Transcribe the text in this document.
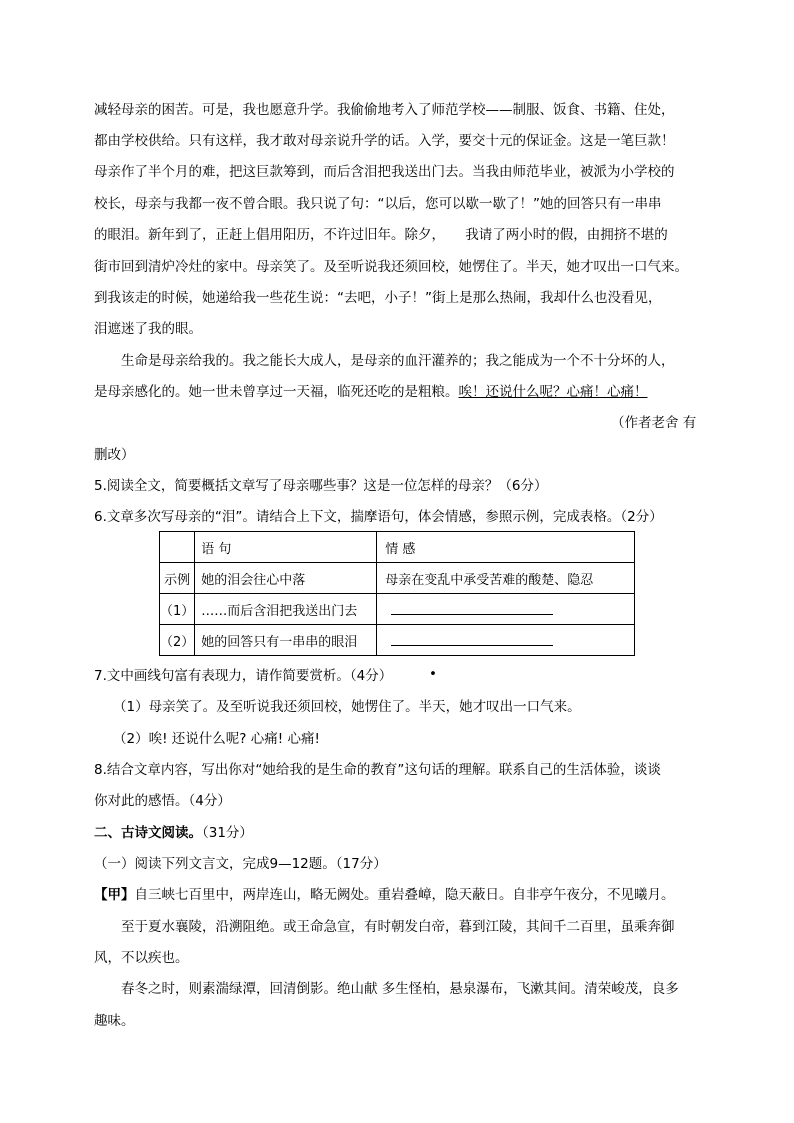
减轻母亲的困苦。可是，我也愿意升学。我偷偷地考入了师范学校——制服、饭食、书籍、住处，
都由学校供给。只有这样，我才敢对母亲说升学的话。入学，要交十元的保证金。这是一笔巨款！
母亲作了半个月的难，把这巨款筹到，而后含泪把我送出门去。当我由师范毕业，被派为小学校的
校长，母亲与我都一夜不曾合眼。我只说了句：“以后，您可以歇一歇了！”她的回答只有一串串
的眼泪。新年到了，正赶上倡用阳历，不许过旧年。除夕，　　我请了两小时的假，由拥挤不堪的
街市回到清炉冷灶的家中。母亲笑了。及至听说我还须回校，她愣住了。半天，她才叹出一口气来。
到我该走的时候，她递给我一些花生说：“去吧，小子！”街上是那么热闹，我却什么也没看见，
泪遮迷了我的眼。
生命是母亲给我的。我之能长大成人，是母亲的血汗灌养的；我之能成为一个不十分坏的人，
是母亲感化的。她一世未曾享过一天福，临死还吃的是粗粮。唉！还说什么呢？心痛！心痛！
（作者老舍 有
删改）
5.阅读全文，简要概括文章写了母亲哪些事？这是一位怎样的母亲？（6分）
6.文章多次写母亲的“泪”。请结合上下文，揣摩语句，体会情感，参照示例，完成表格。（2分）
	语 句	情 感
示例	她的泪会往心中落	母亲在变乱中承受苦难的酸楚、隐忍
（1）	……而后含泪把我送出门去	
（2）	她的回答只有一串串的眼泪	
7.文中画线句富有表现力，请作简要赏析。（4分）	•
（1）母亲笑了。及至听说我还须回校，她愣住了。半天，她才叹出一口气来。
（2）唉! 还说什么呢? 心痛! 心痛!
8.结合文章内容，写出你对“她给我的是生命的教育”这句话的理解。联系自己的生活体验，谈谈
你对此的感悟。（4分）
二、古诗文阅读。（31分）
（一）阅读下列文言文，完成9—12题。（17分）
【甲】自三峡七百里中，两岸连山，略无阙处。重岩叠嶂，隐天蔽日。自非亭午夜分，不见曦月。
至于夏水襄陵，沿溯阻绝。或王命急宣，有时朝发白帝，暮到江陵，其间千二百里，虽乘奔御
风，不以疾也。
春冬之时，则素湍绿潭，回清倒影。绝山献 多生怪柏，悬泉瀑布，飞漱其间。清荣峻茂，良多
趣味。
